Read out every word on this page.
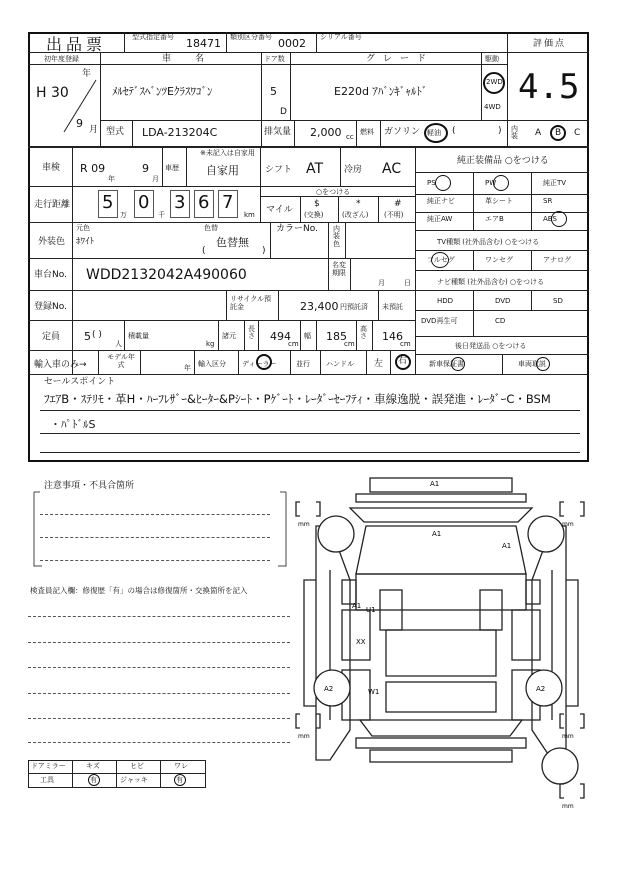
出品票	型式指定番号 18471 類別区分番号 0002 シリアル番号
評価点
4.5
初年度登録
年
H 30
9 月
車名
ﾒﾙｾﾃﾞｽﾍﾞﾝﾂEｸﾗｽﾜｺﾞﾝ
ドア数
5
D
グレード
E220d ｱﾊﾞﾝｷﾞｬﾙﾄﾞ
駆動
2WD
4WD
型式 LDA-213204C	排気量 2,000 cc
燃料 ガソリン 軽油 (	) 内装	A B C
車検 R 09
年
9
月
車歴
※未記入は自家用
自家用	シフト AT 冷房 AC
走行距離 5 0 3 6 7
万	千	km マイル
○をつける
$
(交換)
*
(改ざん)
#
(不明)
外装色
元色
ﾎﾜｲﾄ
色替
色替無
(	)
カラーNo. 内装色
車台No. WDD2132042A490060
名変期限
月	日
登録No.
リサイクル預託金	23,400 円預託済 未預託
定員 5 ( )
人
積載量
kg
諸元
長さ 494
cm
幅 185
cm
高さ 146
cm
輸入車のみ→
モデル年式	年 輸入区分 ディーラー	並行 ハンドル 左 右
純正装備品 ○をつける
PS	PW	純正TV
純正ナビ	革シート	SR
純正AW	エアB	ABS
TV種類 (社外品含む) ○をつける
フルセグ	ワンセグ	アナログ
ナビ種類 (社外品含む) ○をつける
HDD	DVD	SD
DVD再生可	CD
後日発送品 ○をつける
新車保証書	車両取説
セールスポイント
ﾌｴｱB・ｽﾃﾘﾓ・革H・ﾊｰﾌﾚｻﾞｰ&ﾋｰﾀｰ&Pｼｰﾄ・Pｹﾞｰﾄ・ﾚｰﾀﾞｰｾｰﾌﾃｨ・車線逸脱・誤発進・ﾚｰﾀﾞｰC・BSM
・ﾊﾟﾄﾞﾙS
注意事項・不具合箇所
検査員記入欄：修復歴「有」の場合は修復箇所・交換箇所を記入
ドアミラー	キズ	ヒビ	ワレ
工具	有	ジャッキ	有
A1
A1
A1
A1 U1
XX
A2	W1	A2
mm	mm
mm	mm
mm
